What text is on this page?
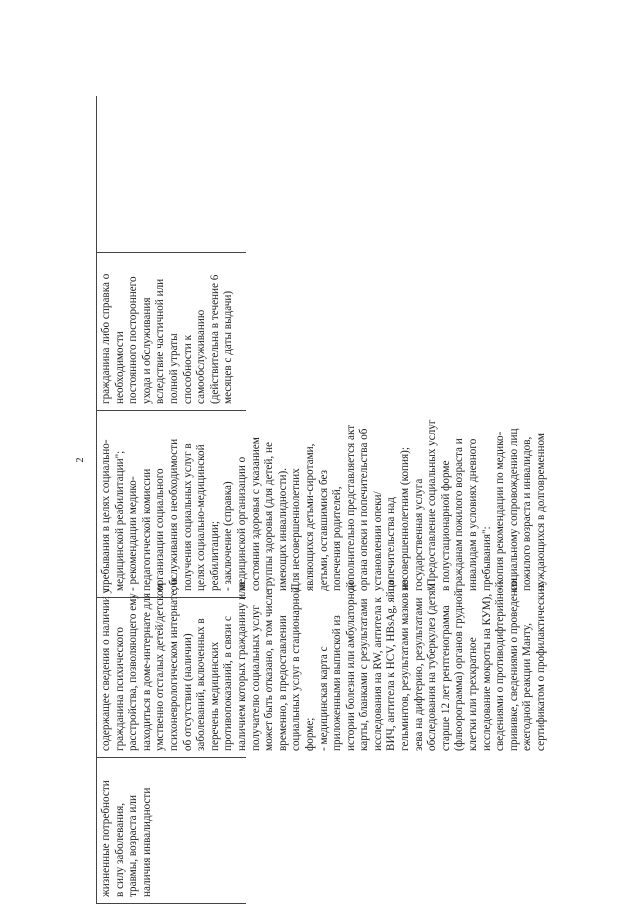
2
жизненные потребности в силу заболевания, травмы, возраста или наличия инвалидности
содержащее сведения о наличии у гражданина психического расстройства, позволяющего ему находиться в доме-интернате для умственно отсталых детей/детском психоневрологическом интернате, и об отсутствии (наличии) заболеваний, включенных в перечень медицинских противопоказаний, в связи с наличием которых гражданину или получателю социальных услуг может быть отказано, в том числе временно, в предоставлении социальных услуг в стационарной форме; - медицинская карта с приложенными выпиской из истории болезни или амбулаторной карты, бланками с результатами исследования на RW, антитела к ВИЧ, антитела к HCV, HBsAg, яйца гельминтов, результатами мазков из зева на дифтерию, результатами обследования на туберкулез (детям старше 12 лет рентгенограмма (флюорограмма) органов грудной клетки или трехкратное исследование мокроты на КУМ), сведениями о противодифтерийной прививке, сведениями о проведении ежегодной реакции Манту, сертификатом о профилактических
пребывания в целях социально- медицинской реабилитации"; - рекомендации медико- педагогической комиссии организации социального обслуживания о необходимости получения социальных услуг в целях социально-медицинской реабилитации; - заключение (справка) медицинской организации о состоянии здоровья с указанием группы здоровья (для детей, не имеющих инвалидности). Для несовершеннолетних являющихся детьми-сиротами, детьми, оставшимися без попечения родителей, дополнительно представляется акт органа опеки и попечительства об установлении опеки/ попечительства над несовершеннолетним (копия); государственная услуга "Предоставление социальных услуг в полустационарной форме гражданам пожилого возраста и инвалидам в условиях дневного пребывания": - копия рекомендации по медико- социальному сопровождению лиц пожилого возраста и инвалидов, нуждающихся в долговременном
гражданина либо справка о необходимости постоянного постороннего ухода и обслуживания вследствие частичной или полной утраты способности к самообслуживанию (действительна в течение 6 месяцев с даты выдачи)
